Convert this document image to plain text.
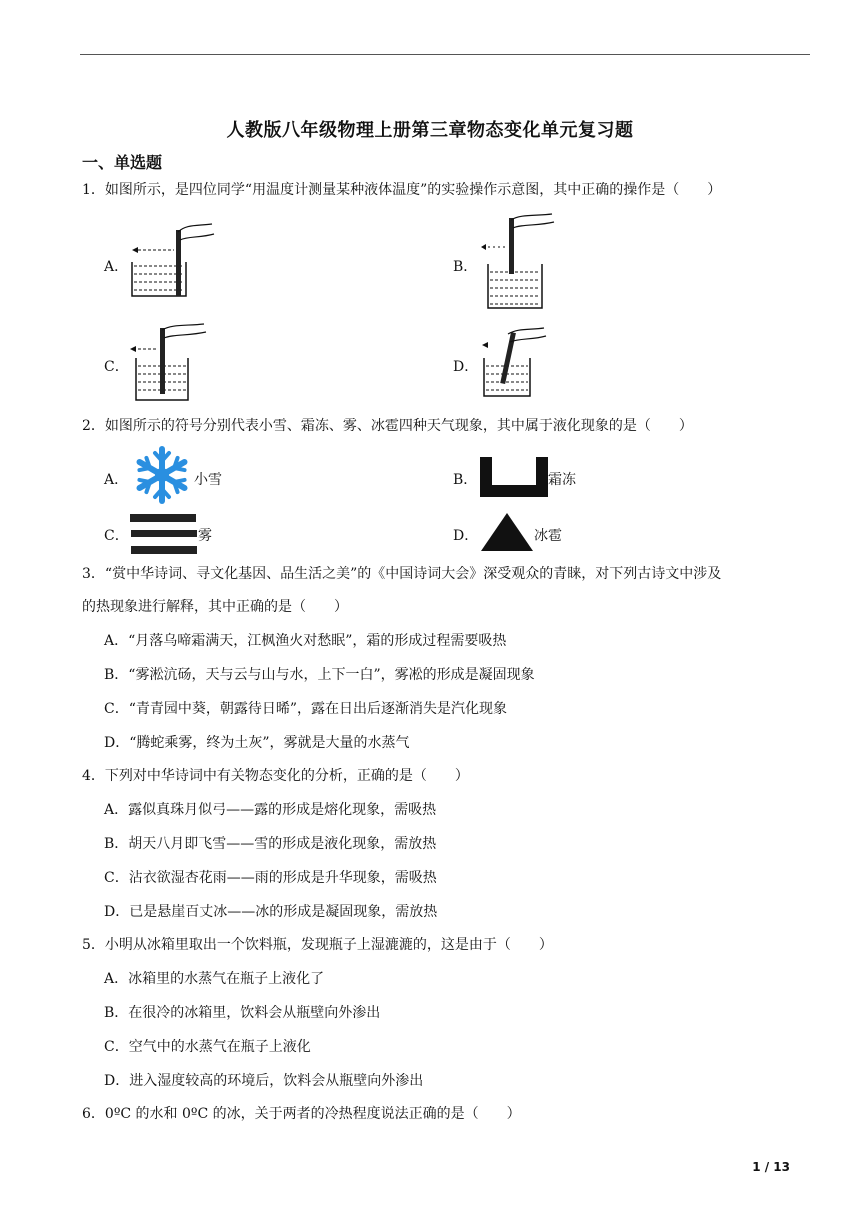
人教版八年级物理上册第三章物态变化单元复习题
一、单选题
1．如图所示，是四位同学“用温度计测量某种液体温度”的实验操作示意图，其中正确的操作是（　　）
A．	B．
C．	D．
2．如图所示的符号分别代表小雪、霜冻、雾、冰雹四种天气现象，其中属于液化现象的是（　　）
A．	小雪	B．	霜冻
C．	雾	D．	冰雹
3．“赏中华诗词、寻文化基因、品生活之美”的《中国诗词大会》深受观众的青睐，对下列古诗文中涉及
的热现象进行解释，其中正确的是（　　）
A．“月落乌啼霜满天，江枫渔火对愁眠”，霜的形成过程需要吸热
B．“雾淞沆砀，天与云与山与水，上下一白”，雾凇的形成是凝固现象
C．“青青园中葵，朝露待日晞”，露在日出后逐渐消失是汽化现象
D．“腾蛇乘雾，终为土灰”，雾就是大量的水蒸气
4．下列对中华诗词中有关物态变化的分析，正确的是（　　）
A．露似真珠月似弓——露的形成是熔化现象，需吸热
B．胡天八月即飞雪——雪的形成是液化现象，需放热
C．沾衣欲湿杏花雨——雨的形成是升华现象，需吸热
D．已是悬崖百丈冰——冰的形成是凝固现象，需放热
5．小明从冰箱里取出一个饮料瓶，发现瓶子上湿漉漉的，这是由于（　　）
A．冰箱里的水蒸气在瓶子上液化了
B．在很冷的冰箱里，饮料会从瓶壁向外渗出
C．空气中的水蒸气在瓶子上液化
D．进入湿度较高的环境后，饮料会从瓶壁向外渗出
6．0ºC 的水和 0ºC 的冰，关于两者的冷热程度说法正确的是（　　）
1 / 13
